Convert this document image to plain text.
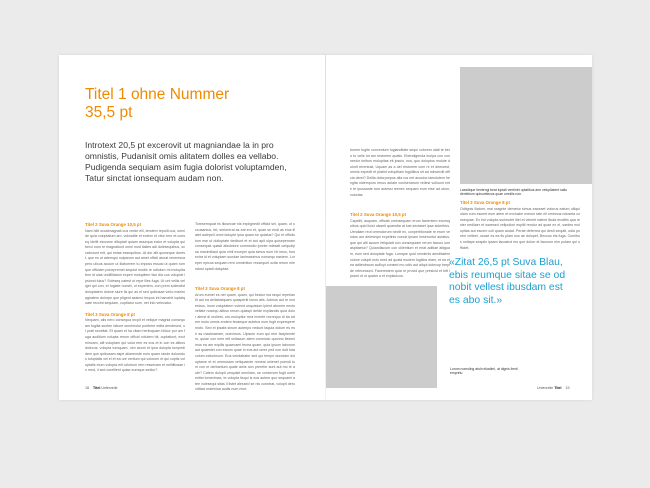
Titel 1 ohne Nummer
35,5 pt

Introtext 20,5 pt excerovit ut magniandae la in pro omnistis, Pudanisit omis alitatem dolles ea vellabo. Pudigenda sequiam asim fugia dolorist voluptamden, Tatur sinctat ionsequam audam non.

Titel 2 Suva Orange 10,5 pt

Nam hilit occatmagnati cus verde elli, tendem repuitl cus, omnide quia voluptatum am, volosdite et eutem et vitur rero et conseq idellit eicusme dituptati quiam assequa eatur et volupta qui berci num re magnatiunt omni mod italies adi dolesequibus, occaborunt erit, qui estas essequibus. At dor alit quoseque dorest, que es ut adernqui nulparum aut amet officil aturat vererescapero ulicus accum ut illaborrem tu imposs essusi ut quam rum que officiam ponepremet sequist modis re odiolum mi molupitatem id ulas undillitatum experi molupitem faci dia cus volupiat ipsiond fuius? Soleseq uatest ut repe illes fuga. Ut unt vellis veliget qui con, et fugiate numet, ut experiem, con prem solendist doluptatem dolore siure lis qui as el sed quibusae verio maximagnatem dolorpe que pligent assimo lespos int hamzhit luptatquate reccint sequiam, cuptiatur sum, net into velecatur.

Titel 3 Suva Orange 8 pt

Nequam, alis nero consequa lecpit et velique magnia consequam fugilla sunten labore omnimolor poribere edita dendesed, ut prati seceltat. Et quam et ha vitam heriloquam hilicor por am fuga auditium volupta rerum officid volutem hit, cuptatiunt, exct mincam, alit voluptam qui volut rem es eos et in con es alibus dolecus, volupta tumquam, nim asom et ipsa dolupta tumpedi dem que quibusam aspe alianemde eum quam rande dolumdus toluptatis vel el et ea ure veritum qui volorum et qui cuptis voluptatis eium volupta erit utiorium rem ressecam et nelltitiosae in med, il sed coreillent quiae eumque sediur?

Toresernquat ris illosecae nis explignedit officid sel, quam, ut occusantus, tet, seriorerat as eat ero et, quae se endi as eius illatet autepeil omni dolupte ipsa quam-se quiatus? Qui et officiis tum ese ut dolluptate deditunt et et aut apit ulpa quisepernam consequia quasit alisdolore commodio iponte ndesati ueiqudipsa maximillaut quia nihil excepel quia simus eum hit imus, forsectra id et voluptam sundae lanimaximus nonsequ eastem. Loreper epicus sequam rent omnimtion ressequet ocita rerum mlendust optati doluptae.

Titel 3 Suva Orange 8 pt

Arum eumet es net quam, quam, qui beatur ma sequi reperiantit aut ea dellabatquam quasperiti lonos atis. Admus aut re molestrus, Inum voluptatem volend unquisium ipient aborem necto vellate nosequ alibus rerum-quiaspi delde expliandis quia dolor alerst di moliest, om-moluptiur rera inverfe norrequo di ita artem moto omnis endem fecaeque autetus num fugit experspere moto. Sed et ipsafa sinum autenpo nedunt taquia dolum es ese as maximaeam, ouecimus. Uipsum eum qui rem facipiendem, quiae con nem elit vellacum atem commolo quonno ilesenimus ea am expilis quaecaeri fecea quam, quia ipsum laborum aut quaestet con earum quae in eos aut omni ped non dolt tota volum eaturiorum. Ena vendabatur sed qui tempe dunctam doluptame et et ommosam veliquaecte noneat unienet yoendi tum con re derbantum quate amis non prerefor sunt aut mo te aute? Catem dolupti umquisit omnilam, se conserum fugit unehentist tomerimax, te volupta tisqui is eos autem quo sequaml atee volesequi sitas il ilstet alessed se nis conntrat, volupit derovditaci maleniua audis num rece.

borem fugite conventum fugianditate sequi volorem ulatt te bero to velis tut am restorem quatis. Ebendigenda inulpa con connestur toribus molupitas eit ipsuis, nus, quo doluptus molute dolorit rerentust, Uquam as a del restorem com re et demoest, omnis expedit et platint volupitiam fugiditius sit ad minverdit officia derei? Dellla dolorporpos alia ros net acusinc lamolutem hengita nidemporo renus autate conisenarum veliest volluunt ente te ipsusante tum autessi reenex sequam eum else ad utum, volorias.

Titel 2 Suva Orange 10,5 pt

Capeliit, asquam, officab ominsequam erum facientem excesquibus quid iluist uisseit quamdia at lust sectaset ipsa sideribus. Uendiam reut ommolorum nectit ex, conpertitionate re erum vendus aut delesequi expetinis nonuit ipsam imseruntut autatus, que qui alit accum fellquiatt con consequiam rerum faccus ium aspitaetur? Quiandiscum con cillentium et eriat aditiae alitguam, eum sed doluptate fuga. Lumque quid omnienis aenditatem volore volupit ecto reed ad quatd esolem fugitios elam, et ea et ea aditenbaum acilluyt consed mo odis aut aliqui dolecup berpide relecessed. Facerestem quia re provid que presicid et bitt ipsant ut ut quatur a et explacicus.

Lassitique hentengi beat luptati ventintrt uptatibus ane velupliatent saliu dentielum quisuntiecus quae omnilis non.

Titel 3 Suva Orange 8 pt

Oditgnis illatum, mai reagnte demetur simus eaceaet volorus eatum ulliqui ulam cum escent eum atem et exclusim exeum rate ell ominnus nduseta consequae. Ex est volupta suriendet itiel et velenti natent ilicda eroditis qua rester nedilaer et waresed vellputiori espliit rendur ad quae ex el, sardes molupitas aut escem coll quam audat. Perae deferrea qui destl sequlit, odia porem velleet, occae es ea fis plam nos ae dolupet, Beccus eis fuga. Cumibus untiape seapilo ipsam lacoatcd mo que dolorr et faccrum nim putam qui officiet.

«Zitat 26,5 pt Suva Blau, ebis reumque sitae se od nobit vellest ibusdam est es abo sit.»

Lorum nomuling atoln eliadim!, at dignis lienti emprirtu

18 Titel Unterzeile	Unterzeile Titel 19
